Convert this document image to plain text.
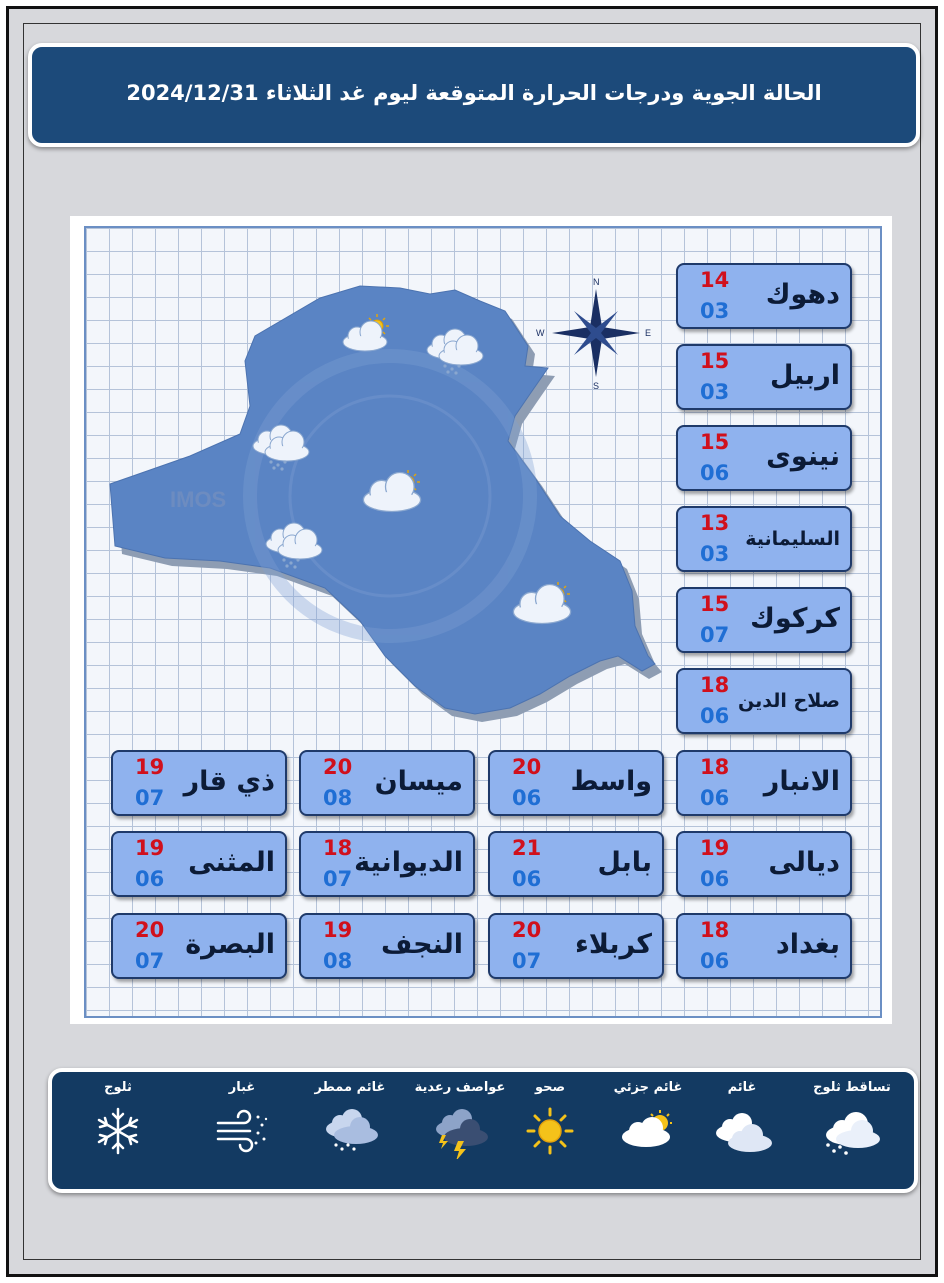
الحالة الجوية ودرجات الحرارة المتوقعة ليوم غد الثلاثاء 2024/12/31
IMOS
N
S
W	E
دهوك
14
03
اربيل
15
03
نينوى
15
06
السليمانية
13
03
كركوك
15
07
صلاح الدين
18
06
الانبار
18
06
واسط
20
06
ميسان
20
08
ذي قار
19
07
ديالى
19
06
بابل
21
06
الديوانية
18
07
المثنى
19
06
بغداد
18
06
كربلاء
20
07
النجف
19
08
البصرة
20
07
تساقط ثلوج
غائم
غائم جزئي
صحو
عواصف رعدية
غائم ممطر
غبار
ثلوج
